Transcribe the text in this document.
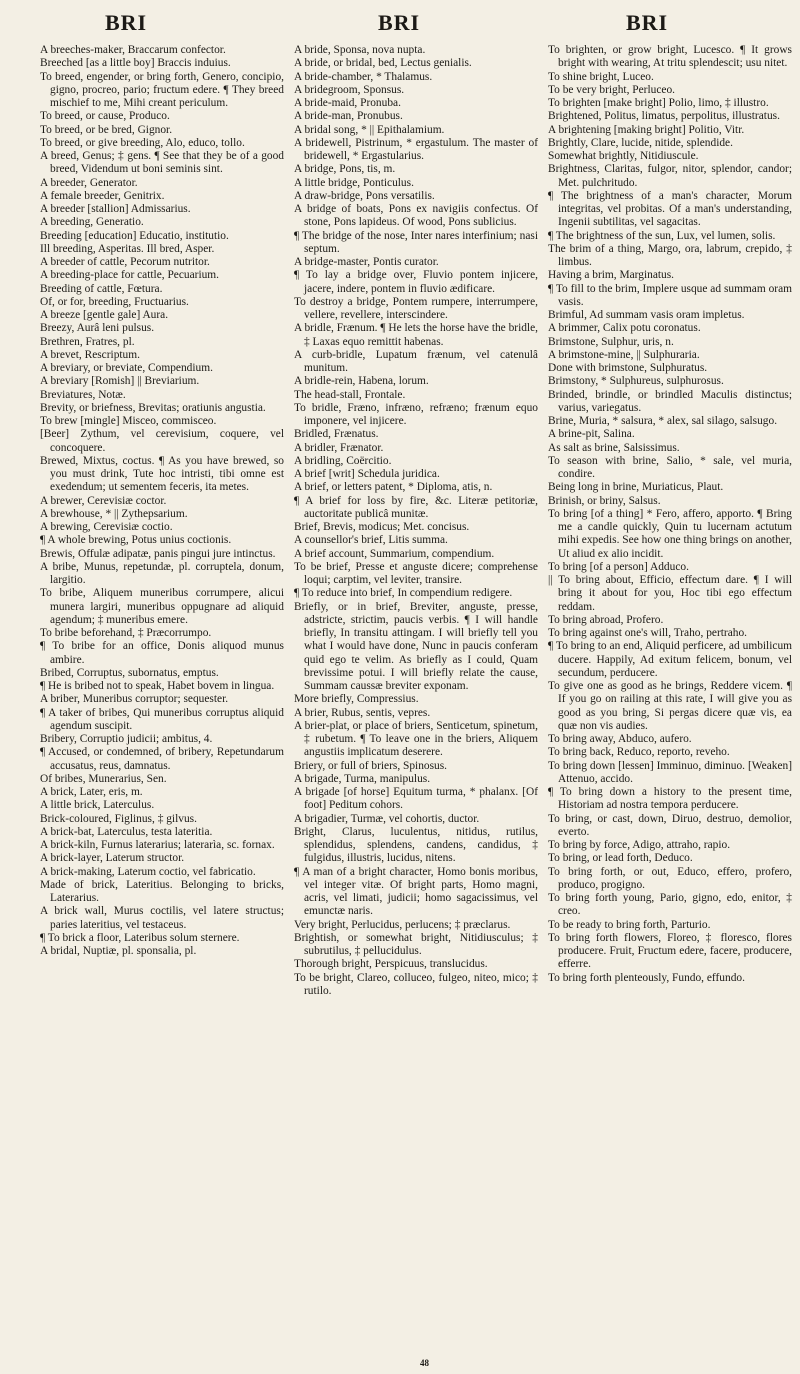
BRI	BRI	BRI

A breeches-maker, Braccarum confector.

Breeched [as a little boy] Braccis induius.

To breed, engender, or bring forth, Genero, concipio, gigno, procreo, pario; fructum edere. ¶ They breed mischief to me, Mihi creant periculum.

To breed, or cause, Produco.

To breed, or be bred, Gignor.

To breed, or give breeding, Alo, educo, tollo.

A breed, Genus; ‡ gens. ¶ See that they be of a good breed, Videndum ut boni seminis sint.

A breeder, Generator.

A female breeder, Genitrix.

A breeder [stallion] Admissarius.

A breeding, Generatio.

Breeding [education] Educatio, institutio.

Ill breeding, Asperitas. Ill bred, Asper.

A breeder of cattle, Pecorum nutritor.

A breeding-place for cattle, Pecuarium.

Breeding of cattle, Fœtura.

Of, or for, breeding, Fructuarius.

A breeze [gentle gale] Aura.

Breezy, Aurâ leni pulsus.

Brethren, Fratres, pl.

A brevet, Rescriptum.

A breviary, or breviate, Compendium.

A breviary [Romish] || Breviarium.

Breviatures, Notæ.

Brevity, or briefness, Brevitas; oratiunis angustia.

To brew [mingle] Misceo, commisceo.

[Beer] Zythum, vel cerevisium, coquere, vel concoquere.

Brewed, Mixtus, coctus. ¶ As you have brewed, so you must drink, Tute hoc intristi, tibi omne est exedendum; ut sementem feceris, ita metes.

A brewer, Cerevisiæ coctor.

A brewhouse, * || Zythepsarium.

A brewing, Cerevisiæ coctio.

¶ A whole brewing, Potus unius coctionis.

Brewis, Offulæ adipatæ, panis pingui jure intinctus.

A bribe, Munus, repetundæ, pl. corruptela, donum, largitio.

To bribe, Aliquem muneribus corrumpere, alicui munera largiri, muneribus oppugnare ad aliquid agendum; ‡ muneribus emere.

To bribe beforehand, ‡ Præcorrumpo.

¶ To bribe for an office, Donis aliquod munus ambire.

Bribed, Corruptus, subornatus, emptus.

¶ He is bribed not to speak, Habet bovem in lingua.

A briber, Muneribus corruptor; sequester.

¶ A taker of bribes, Qui muneribus corruptus aliquid agendum suscipit.

Bribery, Corruptio judicii; ambitus, 4.

¶ Accused, or condemned, of bribery, Repetundarum accusatus, reus, damnatus.

Of bribes, Munerarius, Sen.

A brick, Later, eris, m.

A little brick, Laterculus.

Brick-coloured, Figlinus, ‡ gilvus.

A brick-bat, Laterculus, testa lateritia.

A brick-kiln, Furnus laterarius; laterarìa, sc. fornax.

A brick-layer, Laterum structor.

A brick-making, Laterum coctio, vel fabricatio.

Made of brick, Lateritius. Belonging to bricks, Laterarius.

A brick wall, Murus coctilis, vel latere structus; paries lateritius, vel testaceus.

¶ To brick a floor, Lateribus solum sternere.

A bridal, Nuptiæ, pl. sponsalia, pl.

A bride, Sponsa, nova nupta.

A bride, or bridal, bed, Lectus genialis.

A bride-chamber, * Thalamus.

A bridegroom, Sponsus.

A bride-maid, Pronuba.

A bride-man, Pronubus.

A bridal song, * || Epithalamium.

A bridewell, Pistrinum, * ergastulum. The master of bridewell, * Ergastularius.

A bridge, Pons, tis, m.

A little bridge, Ponticulus.

A draw-bridge, Pons versatilis.

A bridge of boats, Pons ex navigiis confectus. Of stone, Pons lapideus. Of wood, Pons sublicius.

¶ The bridge of the nose, Inter nares interfinium; nasi septum.

A bridge-master, Pontis curator.

¶ To lay a bridge over, Fluvio pontem injicere, jacere, indere, pontem in fluvio ædificare.

To destroy a bridge, Pontem rumpere, interrumpere, vellere, revellere, interscindere.

A bridle, Frænum. ¶ He lets the horse have the bridle, ‡ Laxas equo remittit habenas.

A curb-bridle, Lupatum frænum, vel catenulâ munitum.

A bridle-rein, Habena, lorum.

The head-stall, Frontale.

To bridle, Fræno, infræno, refræno; frænum equo imponere, vel injicere.

Bridled, Frænatus.

A bridler, Frænator.

A bridling, Coërcitio.

A brief [writ] Schedula juridica.

A brief, or letters patent, * Diploma, atis, n.

¶ A brief for loss by fire, &c. Literæ petitoriæ, auctoritate publicâ munitæ.

Brief, Brevis, modicus; Met. concisus.

A counsellor's brief, Litis summa.

A brief account, Summarium, compendium.

To be brief, Presse et anguste dicere; comprehense loqui; carptim, vel leviter, transire.

¶ To reduce into brief, In compendium redigere.

Briefly, or in brief, Breviter, anguste, presse, adstricte, strictim, paucis verbis. ¶ I will handle briefly, In transitu attingam. I will briefly tell you what I would have done, Nunc in paucis conferam quid ego te velim. As briefly as I could, Quam brevissime potui. I will briefly relate the cause, Summam caussæ breviter exponam.

More briefly, Compressius.

A brier, Rubus, sentis, vepres.

A brier-plat, or place of briers, Senticetum, spinetum, ‡ rubetum. ¶ To leave one in the briers, Aliquem angustiis implicatum deserere.

Briery, or full of briers, Spinosus.

A brigade, Turma, manipulus.

A brigade [of horse] Equitum turma, * phalanx. [Of foot] Peditum cohors.

A brigadier, Turmæ, vel cohortis, ductor.

Bright, Clarus, luculentus, nitidus, rutilus, splendidus, splendens, candens, candidus, ‡ fulgidus, illustris, lucidus, nitens.

¶ A man of a bright character, Homo bonis moribus, vel integer vitæ. Of bright parts, Homo magni, acris, vel limati, judicii; homo sagacissimus, vel emunctæ naris.

Very bright, Perlucidus, perlucens; ‡ præclarus.

Brightish, or somewhat bright, Nitidiusculus; ‡ subrutilus, ‡ pellucidulus.

Thorough bright, Perspicuus, translucidus.

To be bright, Clareo, colluceo, fulgeo, niteo, mico; ‡ rutilo.

To brighten, or grow bright, Lucesco. ¶ It grows bright with wearing, At tritu splendescit; usu nitet.

To shine bright, Luceo.

To be very bright, Perluceo.

To brighten [make bright] Polio, limo, ‡ illustro.

Brightened, Politus, limatus, perpolitus, illustratus.

A brightening [making bright] Politio, Vitr.

Brightly, Clare, lucide, nitide, splendide.

Somewhat brightly, Nitidiuscule.

Brightness, Claritas, fulgor, nitor, splendor, candor; Met. pulchritudo.

¶ The brightness of a man's character, Morum integritas, vel probitas. Of a man's understanding, Ingenii subtilitas, vel sagacitas.

¶ The brightness of the sun, Lux, vel lumen, solis.

The brim of a thing, Margo, ora, labrum, crepido, ‡ limbus.

Having a brim, Marginatus.

¶ To fill to the brim, Implere usque ad summam oram vasis.

Brimful, Ad summam vasis oram impletus.

A brimmer, Calix potu coronatus.

Brimstone, Sulphur, uris, n.

A brimstone-mine, || Sulphuraria.

Done with brimstone, Sulphuratus.

Brimstony, * Sulphureus, sulphurosus.

Brinded, brindle, or brindled Maculis distinctus; varius, variegatus.

Brine, Muria, * salsura, * alex, sal silago, salsugo.

A brine-pit, Salina.

As salt as brine, Salsissimus.

To season with brine, Salio, * sale, vel muria, condire.

Being long in brine, Muriaticus, Plaut.

Brinish, or briny, Salsus.

To bring [of a thing] * Fero, affero, apporto. ¶ Bring me a candle quickly, Quin tu lucernam actutum mihi expedis. See how one thing brings on another, Ut aliud ex alio incidit.

To bring [of a person] Adduco.

|| To bring about, Efficio, effectum dare. ¶ I will bring it about for you, Hoc tibi ego effectum reddam.

To bring abroad, Profero.

To bring against one's will, Traho, pertraho.

¶ To bring to an end, Aliquid perficere, ad umbilicum ducere. Happily, Ad exitum felicem, bonum, vel secundum, perducere.

To give one as good as he brings, Reddere vicem. ¶ If you go on railing at this rate, I will give you as good as you bring, Si pergas dicere quæ vis, ea quæ non vis audies.

To bring away, Abduco, aufero.

To bring back, Reduco, reporto, reveho.

To bring down [lessen] Imminuo, diminuo. [Weaken] Attenuo, accido.

¶ To bring down a history to the present time, Historiam ad nostra tempora perducere.

To bring, or cast, down, Diruo, destruo, demolior, everto.

To bring by force, Adigo, attraho, rapio.

To bring, or lead forth, Deduco.

To bring forth, or out, Educo, effero, profero, produco, progigno.

To bring forth young, Pario, gigno, edo, enitor, ‡ creo.

To be ready to bring forth, Parturio.

To bring forth flowers, Floreo, ‡ floresco, flores producere. Fruit, Fructum edere, facere, producere, efferre.

To bring forth plenteously, Fundo, effundo.

48
